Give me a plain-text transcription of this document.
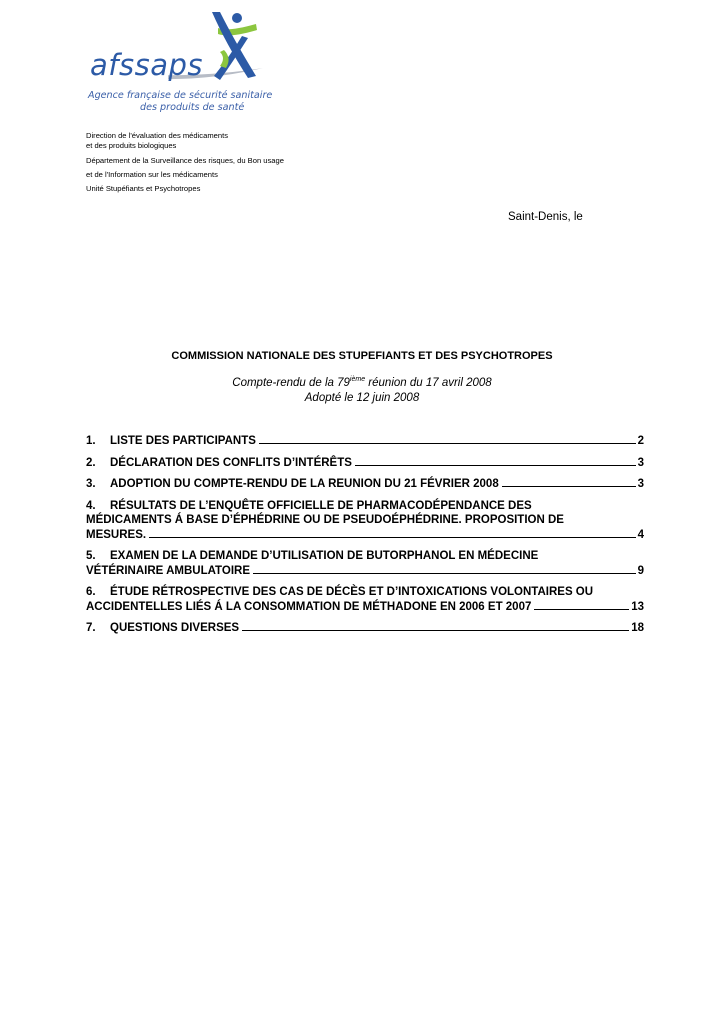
afssaps
Agence française de sécurité sanitaire
des produits de santé
Direction de l'évaluation des médicaments
et des produits biologiques
Département de la Surveillance des risques, du Bon usage
et de l'Information sur les médicaments
Unité Stupéfiants et Psychotropes
Saint-Denis, le
COMMISSION NATIONALE DES STUPEFIANTS ET DES PSYCHOTROPES
Compte-rendu de la 79ième réunion du 17 avril 2008
Adopté le 12 juin 2008
1.	LISTE DES PARTICIPANTS	2
2.	DÉCLARATION DES CONFLITS D’INTÉRÊTS	3
3.	ADOPTION DU COMPTE-RENDU DE LA REUNION DU 21 FÉVRIER 2008	3
4.	RÉSULTATS DE L’ENQUÊTE OFFICIELLE DE PHARMACODÉPENDANCE DES
MÉDICAMENTS Á BASE D’ÉPHÉDRINE OU DE PSEUDOÉPHÉDRINE. PROPOSITION DE
MESURES.	4
5.	EXAMEN DE LA DEMANDE D’UTILISATION DE BUTORPHANOL EN MÉDECINE
VÉTÉRINAIRE AMBULATOIRE	9
6.	ÉTUDE RÉTROSPECTIVE DES CAS DE DÉCÈS ET D’INTOXICATIONS VOLONTAIRES OU
ACCIDENTELLES LIÉS Á LA CONSOMMATION DE MÉTHADONE EN 2006 ET 2007	13
7.	QUESTIONS DIVERSES	18
